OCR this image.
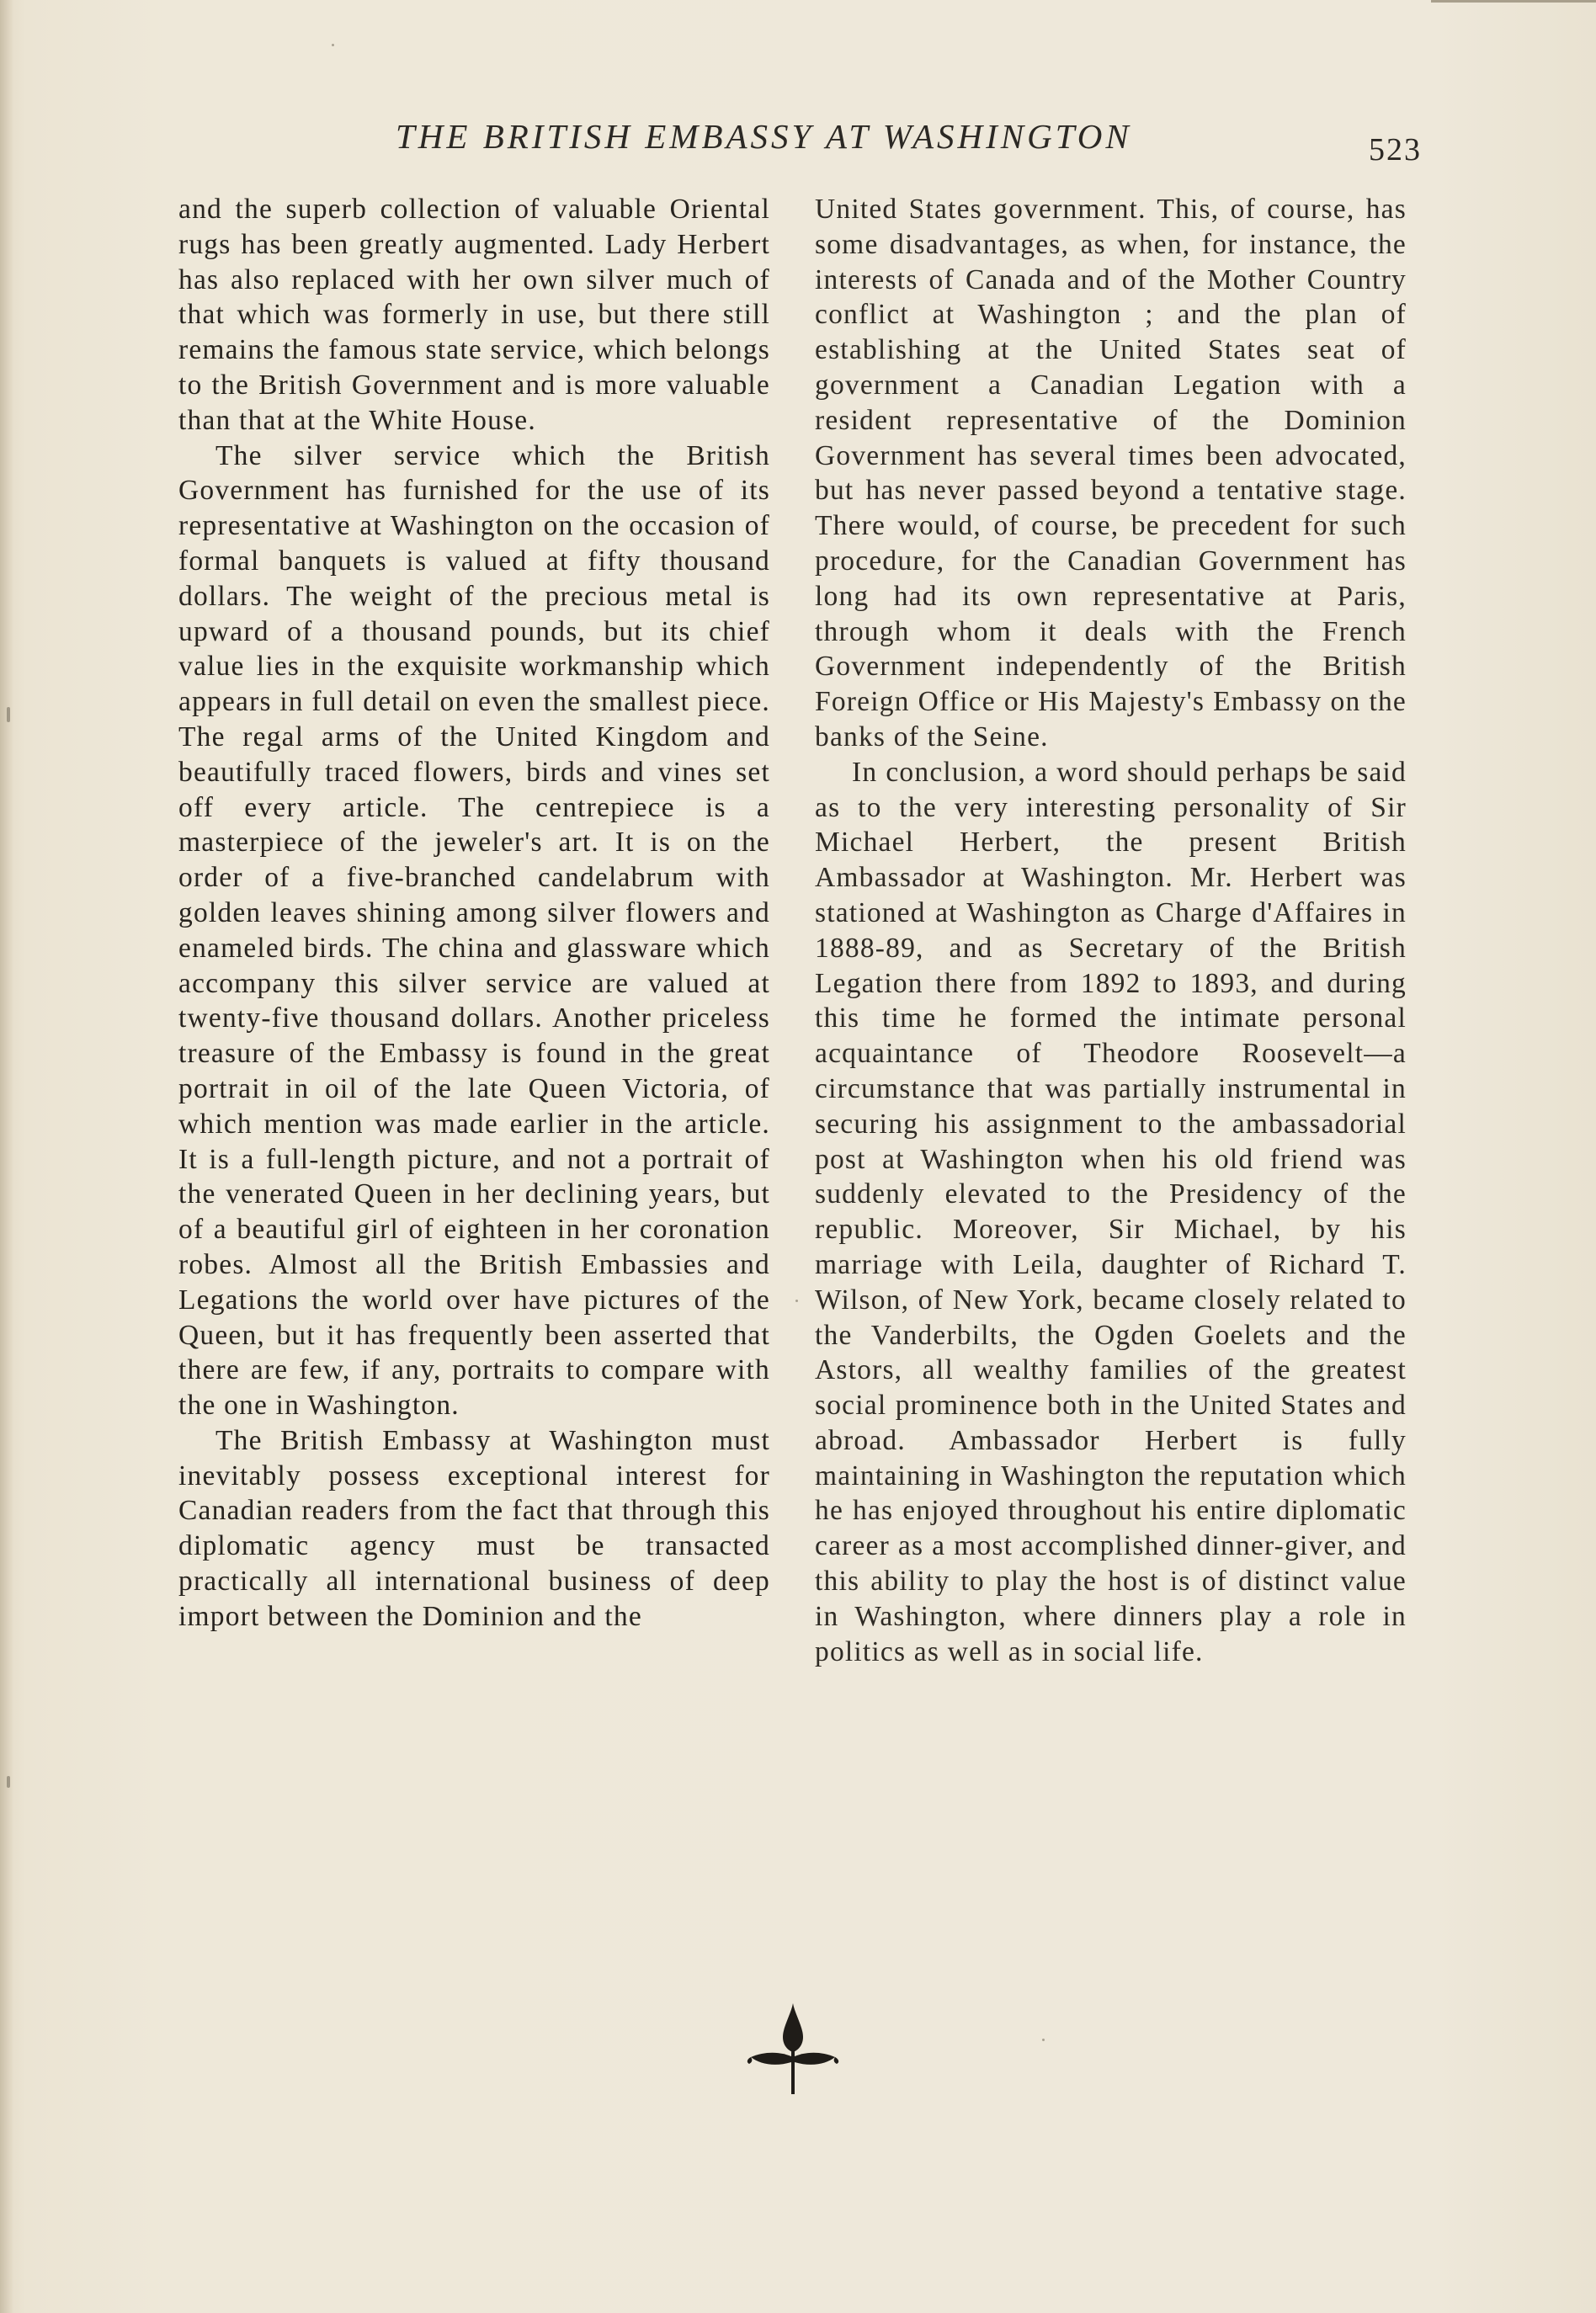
THE BRITISH EMBASSY AT WASHINGTON	523

and the superb collection of valuable Oriental rugs has been greatly augmented. Lady Herbert has also replaced with her own silver much of that which was formerly in use, but there still remains the famous state service, which belongs to the British Government and is more valuable than that at the White House.

The silver service which the British Government has furnished for the use of its representative at Washington on the occasion of formal banquets is valued at fifty thousand dollars. The weight of the precious metal is upward of a thousand pounds, but its chief value lies in the exquisite workmanship which appears in full detail on even the smallest piece. The regal arms of the United Kingdom and beautifully traced flowers, birds and vines set off every article. The centrepiece is a masterpiece of the jeweler's art. It is on the order of a five-branched candelabrum with golden leaves shining among silver flowers and enameled birds. The china and glassware which accompany this silver service are valued at twenty-five thousand dollars. Another priceless treasure of the Embassy is found in the great portrait in oil of the late Queen Victoria, of which mention was made earlier in the article. It is a full-length picture, and not a portrait of the venerated Queen in her declining years, but of a beautiful girl of eighteen in her coronation robes. Almost all the British Embassies and Legations the world over have pictures of the Queen, but it has frequently been asserted that there are few, if any, portraits to compare with the one in Washington.

The British Embassy at Washington must inevitably possess exceptional interest for Canadian readers from the fact that through this diplomatic agency must be transacted practically all international business of deep import between the Dominion and the

United States government. This, of course, has some disadvantages, as when, for instance, the interests of Canada and of the Mother Country conflict at Washington ; and the plan of establishing at the United States seat of government a Canadian Legation with a resident representative of the Dominion Government has several times been advocated, but has never passed beyond a tentative stage. There would, of course, be precedent for such procedure, for the Canadian Government has long had its own representative at Paris, through whom it deals with the French Government independently of the British Foreign Office or His Majesty's Embassy on the banks of the Seine.

In conclusion, a word should perhaps be said as to the very interesting personality of Sir Michael Herbert, the present British Ambassador at Washington. Mr. Herbert was stationed at Washington as Charge d'Affaires in 1888-89, and as Secretary of the British Legation there from 1892 to 1893, and during this time he formed the intimate personal acquaintance of Theodore Roosevelt—a circumstance that was partially instrumental in securing his assignment to the ambassadorial post at Washington when his old friend was suddenly elevated to the Presidency of the republic. Moreover, Sir Michael, by his marriage with Leila, daughter of Richard T. Wilson, of New York, became closely related to the Vanderbilts, the Ogden Goelets and the Astors, all wealthy families of the greatest social prominence both in the United States and abroad. Ambassador Herbert is fully maintaining in Washington the reputation which he has enjoyed throughout his entire diplomatic career as a most accomplished dinner-giver, and this ability to play the host is of distinct value in Washington, where dinners play a role in politics as well as in social life.
